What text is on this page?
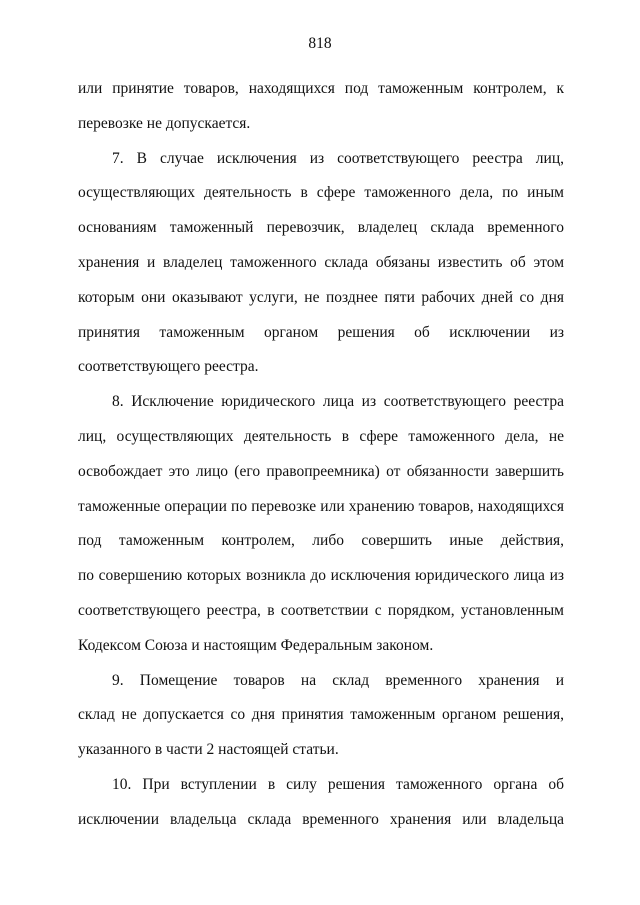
818

или принятие товаров, находящихся под таможенным контролем, к
перевозке не допускается.

7. В случае исключения из соответствующего реестра лиц,
осуществляющих деятельность в сфере таможенного дела, по иным
основаниям таможенный перевозчик, владелец склада временного
хранения и владелец таможенного склада обязаны известить об этом
которым они оказывают услуги, не позднее пяти рабочих дней со дня
принятия таможенным органом решения об исключении из
соответствующего реестра.

8. Исключение юридического лица из соответствующего реестра
лиц, осуществляющих деятельность в сфере таможенного дела, не
освобождает это лицо (его правопреемника) от обязанности завершить
таможенные операции по перевозке или хранению товаров, находящихся
под таможенным контролем, либо совершить иные действия,
по совершению которых возникла до исключения юридического лица из
соответствующего реестра, в соответствии с порядком, установленным
Кодексом Союза и настоящим Федеральным законом.

9. Помещение товаров на склад временного хранения и
склад не допускается со дня принятия таможенным органом решения,
указанного в части 2 настоящей статьи.

10. При вступлении в силу решения таможенного органа об
исключении владельца склада временного хранения или владельца
